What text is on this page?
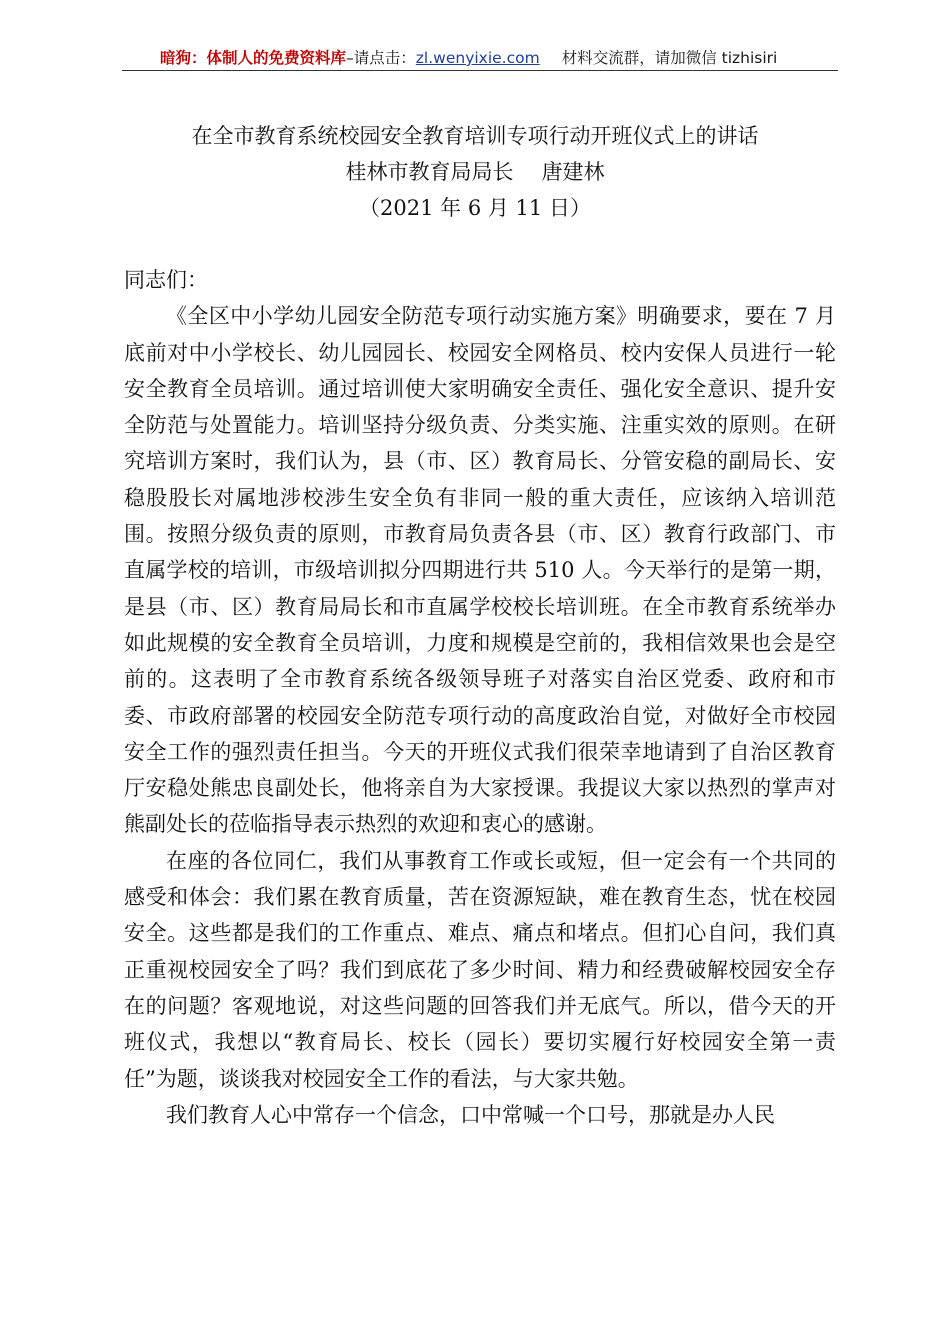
暗狗：体制人的免费资料库–请点击：zl.wenyixie.com 材料交流群，请加微信 tizhisiri
在全市教育系统校园安全教育培训专项行动开班仪式上的讲话
桂林市教育局局长 唐建林
（2021 年 6 月 11 日）

同志们：

《全区中小学幼儿园安全防范专项行动实施方案》明确要求，要在 7 月底前对中小学校长、幼儿园园长、校园安全网格员、校内安保人员进行一轮安全教育全员培训。通过培训使大家明确安全责任、强化安全意识、提升安全防范与处置能力。培训坚持分级负责、分类实施、注重实效的原则。在研究培训方案时，我们认为，县（市、区）教育局长、分管安稳的副局长、安稳股股长对属地涉校涉生安全负有非同一般的重大责任，应该纳入培训范围。按照分级负责的原则，市教育局负责各县（市、区）教育行政部门、市直属学校的培训，市级培训拟分四期进行共 510 人。今天举行的是第一期，是县（市、区）教育局局长和市直属学校校长培训班。在全市教育系统举办如此规模的安全教育全员培训，力度和规模是空前的，我相信效果也会是空前的。这表明了全市教育系统各级领导班子对落实自治区党委、政府和市委、市政府部署的校园安全防范专项行动的高度政治自觉，对做好全市校园安全工作的强烈责任担当。今天的开班仪式我们很荣幸地请到了自治区教育厅安稳处熊忠良副处长，他将亲自为大家授课。我提议大家以热烈的掌声对熊副处长的莅临指导表示热烈的欢迎和衷心的感谢。

在座的各位同仁，我们从事教育工作或长或短，但一定会有一个共同的感受和体会：我们累在教育质量，苦在资源短缺，难在教育生态，忧在校园安全。这些都是我们的工作重点、难点、痛点和堵点。但扪心自问，我们真正重视校园安全了吗？我们到底花了多少时间、精力和经费破解校园安全存在的问题？客观地说，对这些问题的回答我们并无底气。所以，借今天的开班仪式，我想以“教育局长、校长（园长）要切实履行好校园安全第一责任”为题，谈谈我对校园安全工作的看法，与大家共勉。

我们教育人心中常存一个信念，口中常喊一个口号，那就是办人民
